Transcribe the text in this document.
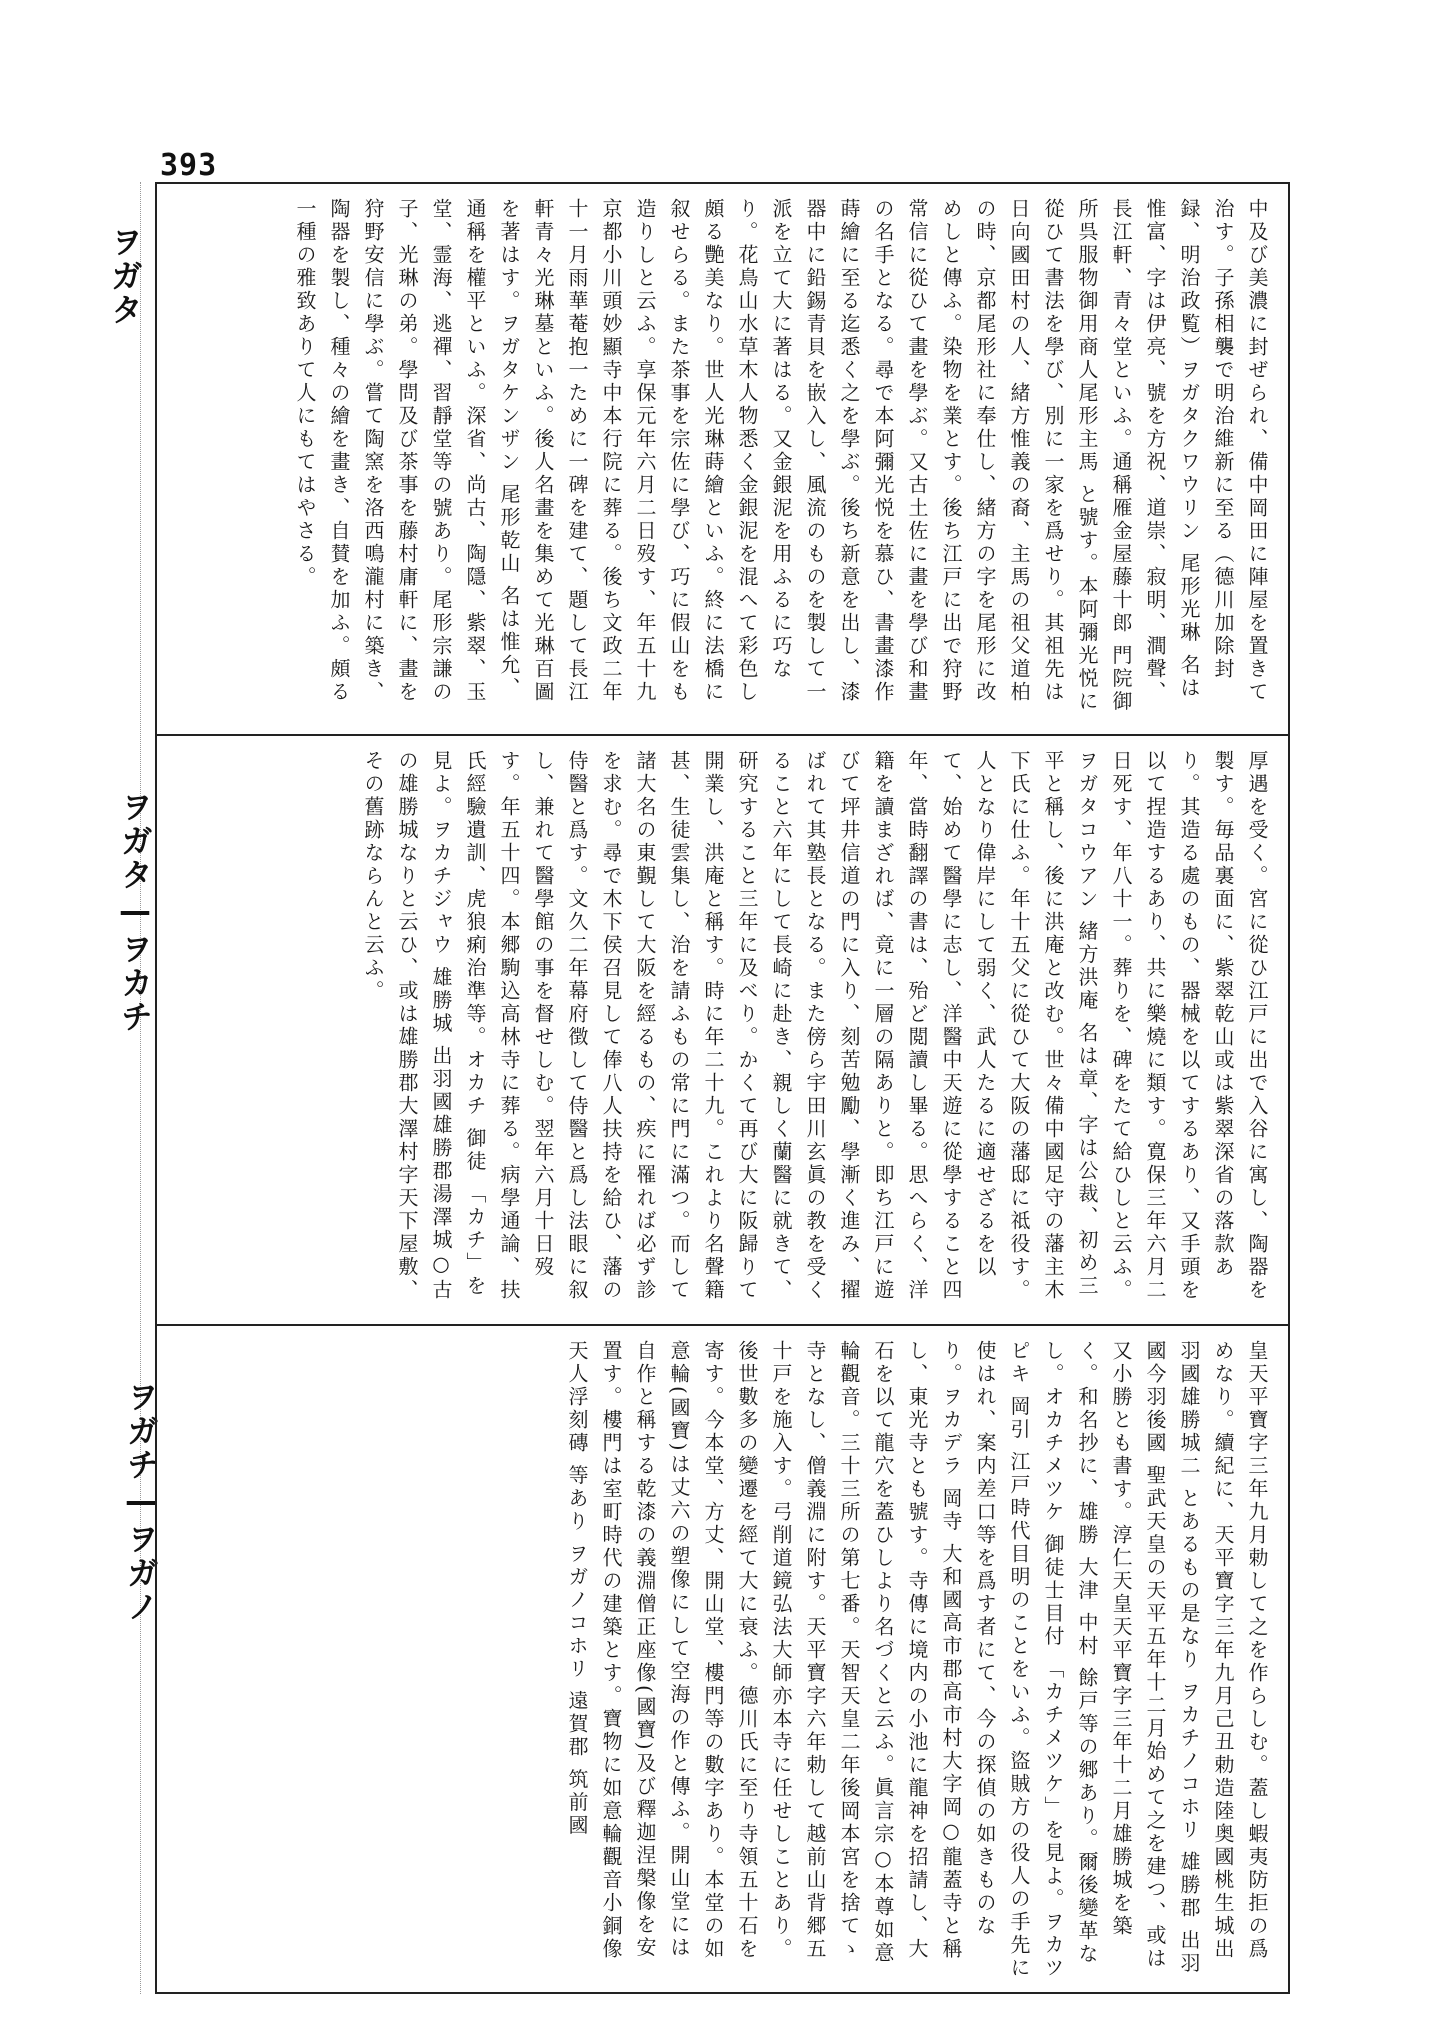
393
ヲガタ
ヲガタ—ヲカチ
ヲガチ—ヲガノ
中及び美濃に封ぜられ、備中岡田に陣屋を置きて治す。子孫相襲で明治維新に至る（德川加除封録、明治政覧）ヲガタクワウリン 尾形光琳 名は惟富、字は伊亮、號を方祝、道崇、寂明、澗聲、長江軒、青々堂といふ。通稱雁金屋藤十郎 門院御所呉服物御用商人尾形主馬 と號す。本阿彌光悦に從ひて書法を學び、別に一家を爲せり。其祖先は日向國田村の人、緒方惟義の裔、主馬の祖父道柏 の時、京都尾形社に奉仕し、緒方の字を尾形に改めしと傳ふ。染物を業とす。後ち江戸に出で狩野常信に從ひて畫を學ぶ。又古土佐に畫を學び和畫の名手となる。尋で本阿彌光悦を慕ひ、書畫漆作蒔繪に至る迄悉く之を學ぶ。後ち新意を出し、漆器中に鉛錫青貝を嵌入し、風流のものを製して一派を立て大に著はる。又金銀泥を用ふるに巧なり。花鳥山水草木人物悉く金銀泥を混へて彩色し頗る艷美なり。世人光琳蒔繪といふ。終に法橋に叙せらる。また茶事を宗佐に學び、巧に假山をも造りしと云ふ。享保元年六月二日歿す、年五十九 京都小川頭妙顯寺中本行院に葬る。後ち文政二年十一月雨華菴抱一ために一碑を建て、題して長江軒青々光琳墓といふ。後人名畫を集めて光琳百圖を著はす。ヲガタケンザン 尾形乾山 名は惟允、通稱を權平といふ。深省、尚古、陶隱、紫翠、玉堂、霊海、逃禪、習靜堂等の號あり。尾形宗謙の子、光琳の弟。學問及び茶事を藤村庸軒に、畫を狩野安信に學ぶ。嘗て陶窯を洛西鳴瀧村に築き、陶器を製し、種々の繪を畫き、自賛を加ふ。頗る一種の雅致ありて人にもてはやさる。
厚遇を受く。宮に從ひ江戸に出で入谷に寓し、陶器を製す。毎品裏面に、紫翠乾山或は紫翠深省の落款あり。其造る處のもの、器械を以てするあり、又手頭を以て捏造するあり、共に樂燒に類す。寛保三年六月二日死す、年八十一。葬りを、碑をたて給ひしと云ふ。ヲガタコウアン 緒方洪庵 名は章、字は公裁、初め三平と稱し、後に洪庵と改む。世々備中國足守の藩主木下氏に仕ふ。年十五父に從ひて大阪の藩邸に祗役す。人となり偉岸にして弱く、武人たるに適せざるを以て、始めて醫學に志し、洋醫中天遊に從學すること四年、當時翻譯の書は、殆ど閲讀し畢る。思へらく、洋籍を讀まざれば、竟に一層の隔ありと。即ち江戸に遊びて坪井信道の門に入り、刻苦勉勵、學漸く進み、擢ばれて其塾長となる。また傍ら宇田川玄眞の教を受くること六年にして長崎に赴き、親しく蘭醫に就きて、研究すること三年に及べり。かくて再び大に阪歸りて開業し、洪庵と稱す。時に年二十九。これより名聲籍甚、生徒雲集し、治を請ふもの常に門に滿つ。而して諸大名の東覲して大阪を經るもの、疾に罹れば必ず診を求む。尋で木下侯召見して俸八人扶持を給ひ、藩の侍醫と爲す。文久二年幕府徴して侍醫と爲し法眼に叙し、兼れて醫學館の事を督せしむ。翌年六月十日歿す。年五十四。本郷駒込高林寺に葬る。病學通論、扶氏經驗遺訓、虎狼痢治準等。オカチ 御徒 「カチ」を見よ。ヲカチジャウ 雄勝城 出羽國雄勝郡湯澤城○古の雄勝城なりと云ひ、或は雄勝郡大澤村字天下屋敷、その舊跡ならんと云ふ。
皇天平寶字三年九月勅して之を作らしむ。蓋し蝦夷防拒の爲めなり。續紀に、天平寶字三年九月己丑勅造陸奥國桃生城出羽國雄勝城二 とあるもの是なり ヲカチノコホリ 雄勝郡 出羽國今羽後國 聖武天皇の天平五年十二月始めて之を建つ、或は又小勝とも書す。淳仁天皇天平寶字三年十二月雄勝城を築く。和名抄に、雄勝 大津 中村 餘戸等の郷あり。爾後變革なし。オカチメツケ 御徒士目付 「カチメツケ」を見よ。ヲカツピキ 岡引 江戸時代目明のことをいふ。盜賊方の役人の手先に使はれ、案内差口等を爲す者にて、今の探偵の如きものなり。ヲカデラ 岡寺 大和國高市郡高市村大字岡○龍蓋寺と稱し、東光寺とも號す。寺傳に境内の小池に龍神を招請し、大石を以て龍穴を蓋ひしより名づくと云ふ。眞言宗○本尊如意輪觀音。三十三所の第七番。天智天皇二年後岡本宮を捨てゝ寺となし、僧義淵に附す。天平寶字六年勅して越前山背郷五十戸を施入す。弓削道鏡弘法大師亦本寺に任せしことあり。後世數多の變遷を經て大に衰ふ。德川氏に至り寺領五十石を寄す。今本堂、方丈、開山堂、樓門等の數字あり。本堂の如意輪(國寶)は丈六の塑像にして空海の作と傳ふ。開山堂には自作と稱する乾漆の義淵僧正座像(國寶)及び釋迦涅槃像を安置す。樓門は室町時代の建築とす。寶物に如意輪觀音小銅像 天人浮刻磚 等あり ヲガノコホリ 遠賀郡 筑前國
